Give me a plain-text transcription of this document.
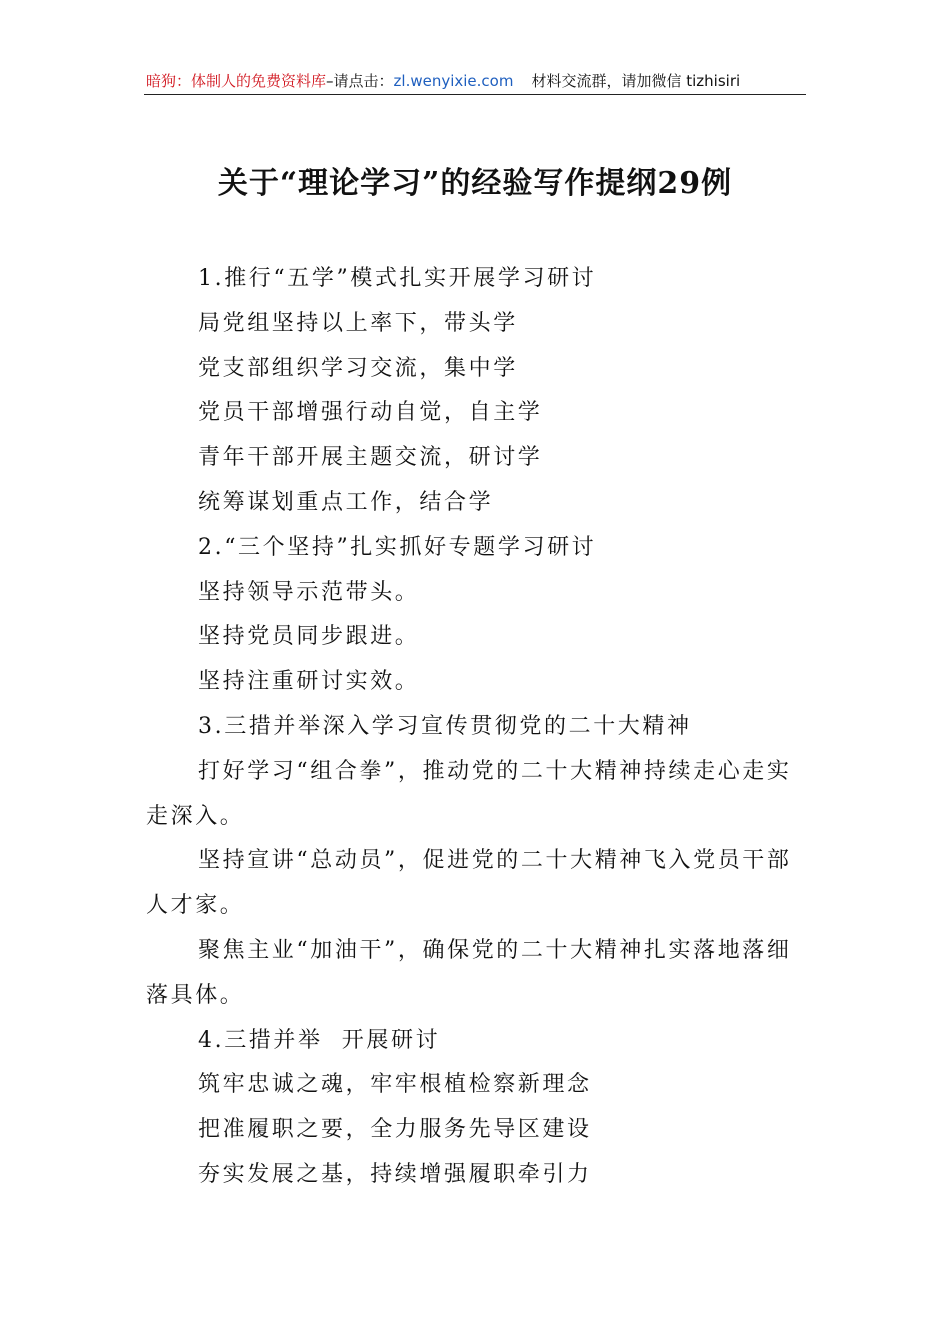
暗狗：体制人的免费资料库–请点击：zl.wenyixie.com 材料交流群，请加微信 tizhisiri
关于“理论学习”的经验写作提纲29例

1.推行“五学”模式扎实开展学习研讨

局党组坚持以上率下，带头学

党支部组织学习交流，集中学

党员干部增强行动自觉，自主学

青年干部开展主题交流，研讨学

统筹谋划重点工作，结合学

2.“三个坚持”扎实抓好专题学习研讨

坚持领导示范带头。

坚持党员同步跟进。

坚持注重研讨实效。

3.三措并举深入学习宣传贯彻党的二十大精神

打好学习“组合拳”，推动党的二十大精神持续走心走实走深入。

坚持宣讲“总动员”，促进党的二十大精神飞入党员干部人才家。

聚焦主业“加油干”，确保党的二十大精神扎实落地落细落具体。

4.三措并举  开展研讨

筑牢忠诚之魂，牢牢根植检察新理念

把准履职之要，全力服务先导区建设

夯实发展之基，持续增强履职牵引力
